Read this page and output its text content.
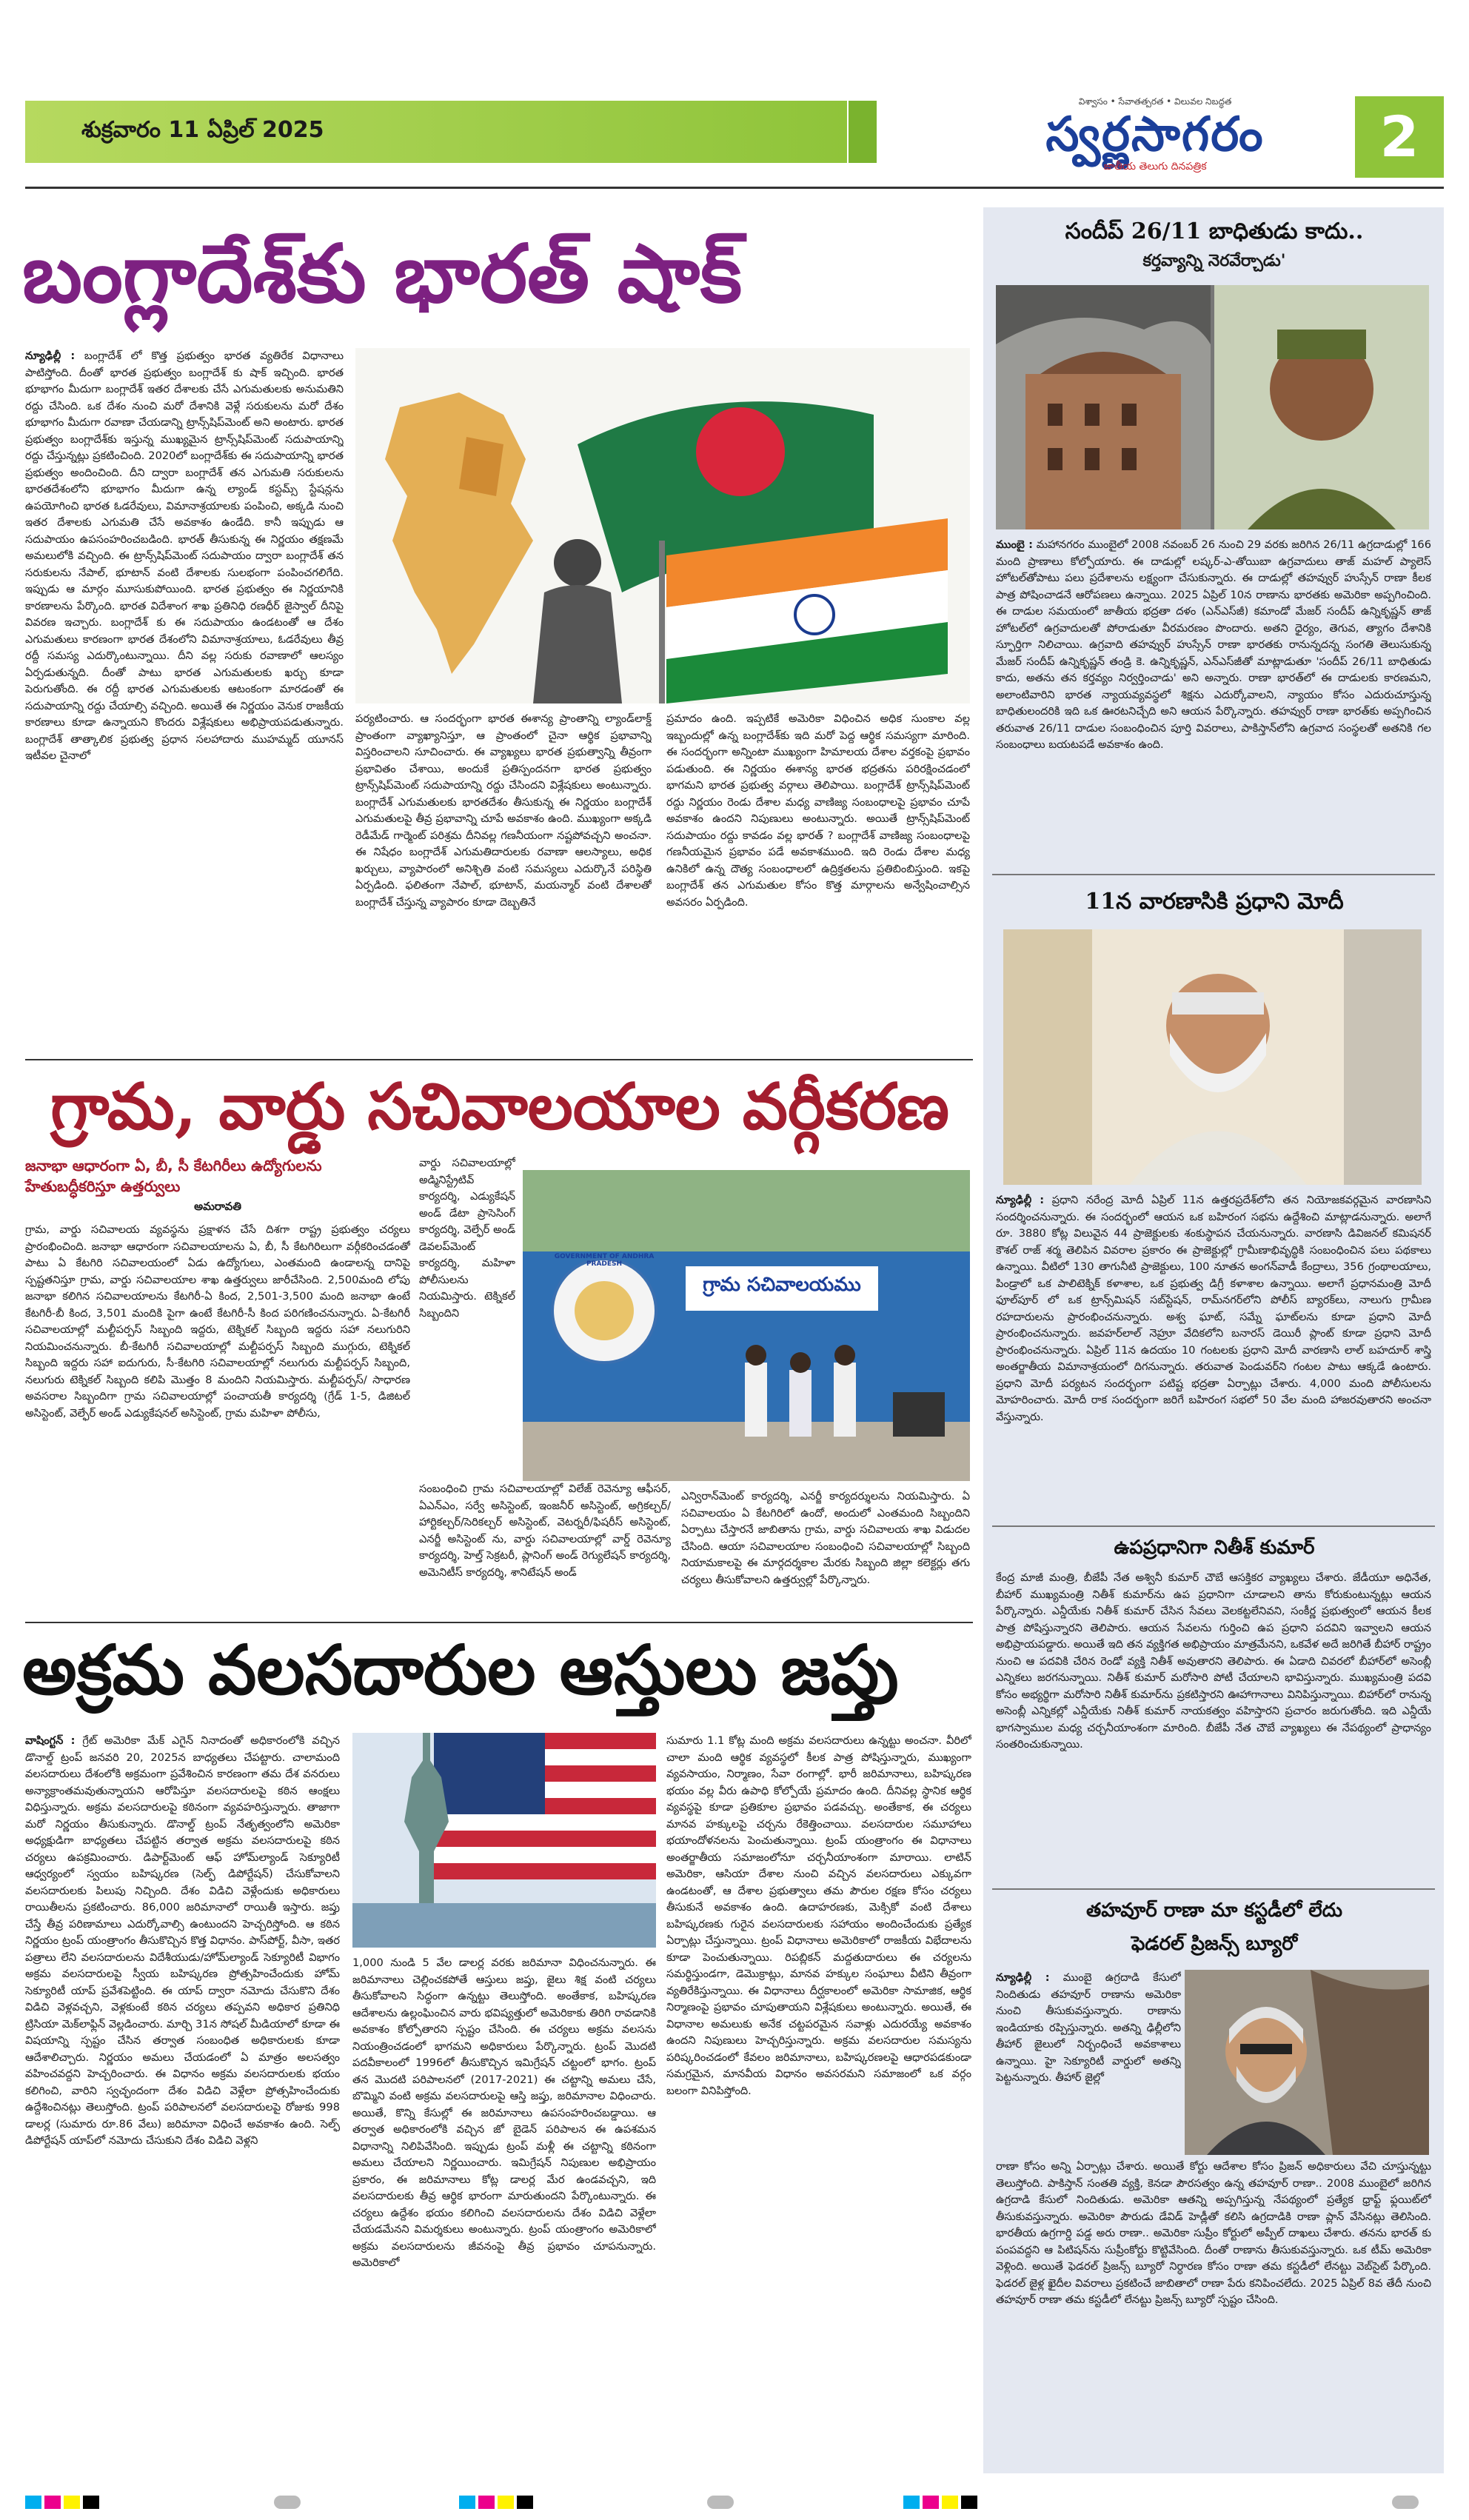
శుక్రవారం 11 ఏప్రిల్ 2025
విశ్వాసం • సేవాతత్పరత • విలువల నిబద్ధత
స్వర్ణసాగరం
జాతీయ తెలుగు దినపత్రిక	2
బంగ్లాదేశ్‌కు భారత్ షాక్
న్యూఢిల్లీ : బంగ్లాదేశ్ లో కొత్త ప్రభుత్వం భారత వ్యతిరేక విధానాలు పాటిస్తోంది. దీంతో భారత ప్రభుత్వం బంగ్లాదేశ్ కు షాక్ ఇచ్చింది. భారత భూభాగం మీదుగా బంగ్లాదేశ్ ఇతర దేశాలకు చేసే ఎగుమతులకు అనుమతిని రద్దు చేసింది. ఒక దేశం నుంచి మరో దేశానికి వెళ్లే సరుకులను మరో దేశం భూభాగం మీదుగా రవాణా చేయడాన్ని ట్రాన్స్‌షిప్‌మెంట్ అని అంటారు. భారత ప్రభుత్వం బంగ్లాదేశ్‌కు ఇస్తున్న ముఖ్యమైన ట్రాన్స్‌షిప్‌మెంట్ సదుపాయాన్ని రద్దు చేస్తున్నట్లు ప్రకటించింది. 2020లో బంగ్లాదేశ్‌కు ఈ సదుపాయాన్ని భారత ప్రభుత్వం అందించింది. దీని ద్వారా బంగ్లాదేశ్ తన ఎగుమతి సరుకులను భారతదేశంలోని భూభాగం మీదుగా ఉన్న ల్యాండ్ కస్టమ్స్ స్టేషన్లను ఉపయోగించి భారత ఓడరేవులు, విమానాశ్రయాలకు పంపించి, అక్కడి నుంచి ఇతర దేశాలకు ఎగుమతి చేసే అవకాశం ఉండేది. కానీ ఇప్పుడు ఆ సదుపాయం ఉపసంహరించబడింది. భారత్ తీసుకున్న ఈ నిర్ణయం తక్షణమే అమలులోకి వచ్చింది. ఈ ట్రాన్స్‌షిప్‌మెంట్ సదుపాయం ద్వారా బంగ్లాదేశ్ తన సరుకులను నేపాల్, భూటాన్ వంటి దేశాలకు సులభంగా పంపించగలిగేది. ఇప్పుడు ఆ మార్గం మూసుకుపోయింది. భారత ప్రభుత్వం ఈ నిర్ణయానికి కారణాలను పేర్కొంది. భారత విదేశాంగ శాఖ ప్రతినిధి రణధీర్ జైస్వాల్ దీనిపై వివరణ ఇచ్చారు. బంగ్లాదేశ్ కు ఈ సదుపాయం ఉండటంతో ఆ దేశం ఎగుమతులు కారణంగా భారత దేశంలోని విమానాశ్రయాలు, ఓడరేవులు తీవ్ర రద్దీ సమస్య ఎదుర్కొంటున్నాయి. దీని వల్ల సరుకు రవాణాలో ఆలస్యం ఏర్పడుతున్నది. దీంతో పాటు భారత ఎగుమతులకు ఖర్చు కూడా పెరుగుతోంది. ఈ రద్దీ భారత ఎగుమతులకు ఆటంకంగా మారడంతో ఈ సదుపాయాన్ని రద్దు చేయాల్సి వచ్చింది. అయితే ఈ నిర్ణయం వెనుక రాజకీయ కారణాలు కూడా ఉన్నాయని కొందరు విశ్లేషకులు అభిప్రాయపడుతున్నారు. బంగ్లాదేశ్ తాత్కాలిక ప్రభుత్వ ప్రధాన సలహాదారు ముహమ్మద్ యూనస్ ఇటీవల చైనాలో
పర్యటించారు. ఆ సందర్భంగా భారత ఈశాన్య ప్రాంతాన్ని ల్యాండ్‌లాక్డ్ ప్రాంతంగా వ్యాఖ్యానిస్తూ, ఆ ప్రాంతంలో చైనా ఆర్థిక ప్రభావాన్ని విస్తరించాలని సూచించారు. ఈ వ్యాఖ్యలు భారత ప్రభుత్వాన్ని తీవ్రంగా ప్రభావితం చేశాయి, అందుకే ప్రతిస్పందనగా భారత ప్రభుత్వం ట్రాన్స్‌షిప్‌మెంట్ సదుపాయాన్ని రద్దు చేసిందని విశ్లేషకులు అంటున్నారు. బంగ్లాదేశ్ ఎగుమతులకు భారతదేశం తీసుకున్న ఈ నిర్ణయం బంగ్లాదేశ్ ఎగుమతులపై తీవ్ర ప్రభావాన్ని చూపే అవకాశం ఉంది. ముఖ్యంగా అక్కడి రెడీమేడ్ గార్మెంట్ పరిశ్రమ దీనివల్ల గణనీయంగా నష్టపోవచ్చని అంచనా. ఈ నిషేధం బంగ్లాదేశ్ ఎగుమతిదారులకు రవాణా ఆలస్యాలు, అధిక ఖర్చులు, వ్యాపారంలో అనిశ్చితి వంటి సమస్యలు ఎదుర్కొనే పరిస్థితి ఏర్పడింది. ఫలితంగా నేపాల్, భూటాన్, మయన్మార్ వంటి దేశాలతో బంగ్లాదేశ్ చేస్తున్న వ్యాపారం కూడా దెబ్బతినే
ప్రమాదం ఉంది. ఇప్పటికే అమెరికా విధించిన అధిక సుంకాల వల్ల ఇబ్బందుల్లో ఉన్న బంగ్లాదేశ్‌కు ఇది మరో పెద్ద ఆర్థిక సమస్యగా మారింది. ఈ సందర్భంగా అన్నింటా ముఖ్యంగా హిమాలయ దేశాల వర్తకంపై ప్రభావం పడుతుంది. ఈ నిర్ణయం ఈశాన్య భారత భద్రతను పరిరక్షించడంలో భాగమని భారత ప్రభుత్వ వర్గాలు తెలిపాయి. బంగ్లాదేశ్ ట్రాన్స్‌షిప్‌మెంట్ రద్దు నిర్ణయం రెండు దేశాల మధ్య వాణిజ్య సంబంధాలపై ప్రభావం చూపే అవకాశం ఉందని నిపుణులు అంటున్నారు. అయితే ట్రాన్స్‌షిప్‌మెంట్ సదుపాయం రద్దు కావడం వల్ల భారత్ ? బంగ్లాదేశ్ వాణిజ్య సంబంధాలపై గణనీయమైన ప్రభావం పడే అవకాశముంది. ఇది రెండు దేశాల మధ్య ఉనికిలో ఉన్న దౌత్య సంబంధాలలో ఉద్రిక్తతలను ప్రతిబింబిస్తుంది. ఇకపై బంగ్లాదేశ్ తన ఎగుమతుల కోసం కొత్త మార్గాలను అన్వేషించాల్సిన అవసరం ఏర్పడింది.
గ్రామ, వార్డు సచివాలయాల వర్గీకరణ
జనాభా ఆధారంగా ఏ, బీ, సీ కేటగిరీలు ఉద్యోగులను హేతుబద్ధీకరిస్తూ ఉత్తర్వులు
అమరావతి
గ్రామ, వార్డు సచివాలయ వ్యవస్థను ప్రక్షాళన చేసే దిశగా రాష్ట్ర ప్రభుత్వం చర్యలు ప్రారంభించింది. జనాభా ఆధారంగా సచివాలయాలను ఏ, బీ, సీ కేటగిరిలుగా వర్గీకరించడంతో పాటు ఏ కేటగిరి సచివాలయంలో ఏడు ఉద్యోగులు, ఎంతమంది ఉండాలన్న దానిపై స్పష్టతనిస్తూ గ్రామ, వార్డు సచివాలయాల శాఖ ఉత్తర్వులు జారీచేసింది. 2,500మంది లోపు జనాభా కలిగిన సచివాలయాలను కేటగిరీ-ఏ కింద, 2,501-3,500 మంది జనాభా ఉంటే కేటగిరీ-బీ కింద, 3,501 మందికి పైగా ఉంటే కేటగిరీ-సీ కింద పరిగణించనున్నారు. ఏ-కేటగిరీ సచివాలయాల్లో మల్టీపర్పస్ సిబ్బంది ఇద్దరు, టెక్నికల్ సిబ్బంది ఇద్దరు సహా నలుగురిని నియమించనున్నారు. బీ-కేటగిరీ సచివాలయాల్లో మల్టీపర్పస్ సిబ్బంది ముగ్గురు, టెక్నికల్ సిబ్బంది ఇద్దరు సహా ఐదుగురు, సీ-కేటగిరి సచివాలయాల్లో నలుగురు మల్టీపర్పస్ సిబ్బంది, నలుగురు టెక్నికల్ సిబ్బంది కలిపి మొత్తం 8 మందిని నియమిస్తారు. మల్టీపర్పస్/ సాధారణ అవసరాల సిబ్బందిగా గ్రామ సచివాలయాల్లో పంచాయతీ కార్యదర్శి (గ్రేడ్ 1-5, డిజిటల్ అసిస్టెంట్, వెల్ఫేర్ అండ్ ఎడ్యుకేషనల్ అసిస్టెంట్, గ్రామ మహిళా పోలీసు,
వార్డు సచివాలయాల్లో అడ్మినిస్ట్రేటివ్ కార్యదర్శి, ఎడ్యుకేషన్ అండ్ డేటా ప్రాసెసింగ్ కార్యదర్శి, వెల్ఫేర్ అండ్ డెవలప్‌మెంట్ కార్యదర్శి, మహిళా పోలీసులను నియమిస్తారు. టెక్నికల్ సిబ్బందిని
గ్రామ సచివాలయము
GOVERNMENT OF ANDHRA PRADESH
సంబంధించి గ్రామ సచివాలయాల్లో విలేజ్ రెవెన్యూ ఆఫీసర్, ఏఎన్ఎం, సర్వే అసిస్టెంట్, ఇంజనీర్ అసిస్టెంట్, అగ్రికల్చర్/హార్టికల్చర్/సెరికల్చర్ అసిస్టెంట్, వెటర్నరీ/ఫిషరీస్ అసిస్టెంట్, ఎనర్జీ అసిస్టెంట్ ను, వార్డు సచివాలయాల్లో వార్డ్ రెవెన్యూ కార్యదర్శి, హెల్త్ సెక్రటరీ, ప్లానింగ్ అండ్ రెగ్యులేషన్ కార్యదర్శి, అమెనిటీస్ కార్యదర్శి, శానిటేషన్ అండ్
ఎన్విరాన్‌మెంట్ కార్యదర్శి, ఎనర్జీ కార్యదర్శులను నియమిస్తారు. ఏ సచివాలయం ఏ కేటగిరిలో ఉందో, అందులో ఎంతమంది సిబ్బందిని ఏర్పాటు చేస్తారనే జాబితాను గ్రామ, వార్డు సచివాలయ శాఖ విడుదల చేసింది. ఆయా సచివాలయాల సంబంధించి సచివాలయాల్లో సిబ్బంది నియామకాలపై ఈ మార్గదర్శకాల మేరకు సిబ్బంది జిల్లా కలెక్టర్లు తగు చర్యలు తీసుకోవాలని ఉత్తర్వుల్లో పేర్కొన్నారు.
అక్రమ వలసదారుల ఆస్తులు జప్తు
వాషింగ్టన్ : గ్రేట్ అమెరికా మేక్ ఎగైన్ నినాదంతో అధికారంలోకి వచ్చిన డొనాల్డ్ ట్రంప్ జనవరి 20, 2025న బాధ్యతలు చేపట్టారు. చాలామంది వలసదారులు దేశంలోకి అక్రమంగా ప్రవేశించిన కారణంగా తమ దేశ వనరులు అన్యాక్రాంతమవుతున్నాయని ఆరోపిస్తూ వలసదారులపై కఠిన ఆంక్షలు విధిస్తున్నారు. అక్రమ వలసదారులపై కఠినంగా వ్యవహరిస్తున్నారు. తాజాగా మరో నిర్ణయం తీసుకున్నారు. డొనాల్డ్ ట్రంప్ నేతృత్వంలోని అమెరికా అధ్యక్షుడిగా బాధ్యతలు చేపట్టిన తర్వాత అక్రమ వలసదారులపై కఠిన చర్యలు ఉపక్రమించారు. డిపార్ట్‌మెంట్ ఆఫ్ హోమ్‌ల్యాండ్ సెక్యూరిటీ ఆధ్వర్యంలో స్వయం బహిష్కరణ (సెల్ఫ్ డిపోర్టేషన్) చేసుకోవాలని వలసదారులకు పిలుపు నిచ్చింది. దేశం విడిచి వెళ్లేందుకు అధికారులు రాయితీలను ప్రకటించారు. 86,000 జరిమానాలో రాయితీ ఇస్తారు. జప్తు చేస్తే తీవ్ర పరిణామాలు ఎదుర్కోవాల్సి ఉంటుందని హెచ్చరిస్తోంది. ఆ కఠిన నిర్ణయం ట్రంప్ యంత్రాంగం తీసుకొచ్చిన కొత్త విధానం. పాస్‌పోర్ట్, వీసా, ఇతర పత్రాలు లేని వలసదారులను విదేశీయుడు/హోమ్‌ల్యాండ్ సెక్యూరిటీ విభాగం అక్రమ వలసదారులపై స్వీయ బహిష్కరణ ప్రోత్సహించేందుకు హోమ్ సెక్యూరిటీ యాప్ ప్రవేశపెట్టింది. ఈ యాప్ ద్వారా నమోదు చేసుకొని దేశం విడిచి వెళ్లవచ్చని, వెళ్లకుంటే కఠిన చర్యలు తప్పవని అధికార ప్రతినిధి ట్రిసియా మెక్‌లాఫ్లిన్ వెల్లడించారు. మార్చి 31న సోషల్ మీడియాలో కూడా ఈ విషయాన్ని స్పష్టం చేసిన తర్వాత సంబంధిత అధికారులకు కూడా ఆదేశాలిచ్చారు. నిర్ణయం అమలు చేయడంలో ఏ మాత్రం అలసత్వం వహించవద్దని హెచ్చరించారు. ఈ విధానం అక్రమ వలసదారులకు భయం కలిగించి, వారిని స్వచ్ఛందంగా దేశం విడిచి వెళ్లేలా ప్రోత్సహించేందుకు ఉద్దేశించినట్లు తెలుస్తోంది. ట్రంప్ పరిపాలనలో వలసదారులపై రోజుకు 998 డాలర్ల (సుమారు రూ.86 వేలు) జరిమానా విధించే అవకాశం ఉంది. సెల్ఫ్ డిపోర్టేషన్ యాప్‌లో నమోదు చేసుకుని దేశం విడిచి వెళ్లని
1,000 నుండి 5 వేల డాలర్ల వరకు జరిమానా విధించనున్నారు. ఈ జరిమానాలు చెల్లించకపోతే ఆస్తులు జప్తు, జైలు శిక్ష వంటి చర్యలు తీసుకోవాలని సిద్ధంగా ఉన్నట్టు తెలుస్తోంది. అంతేకాక, బహిష్కరణ ఆదేశాలను ఉల్లంఘించిన వారు భవిష్యత్తులో అమెరికాకు తిరిగి రావడానికి అవకాశం కోల్పోతారని స్పష్టం చేసింది. ఈ చర్యలు అక్రమ వలసను నియంత్రించడంలో భాగమని అధికారులు పేర్కొన్నారు. ట్రంప్ మొదటి పదవీకాలంలో 1996లో తీసుకొచ్చిన ఇమిగ్రేషన్ చట్టంలో భాగం. ట్రంప్ తన మొదటి పరిపాలనలో (2017-2021) ఈ చట్టాన్ని అమలు చేసే, బొమ్మిని వంటి అక్రమ వలసదారులపై ఆస్తి జప్తు, జరిమానాల విధించారు. అయితే, కొన్ని కేసుల్లో ఈ జరిమానాలు ఉపసంహరించబడ్డాయి. ఆ తర్వాత అధికారంలోకి వచ్చిన జో బైడెన్ పరిపాలన ఈ ఉపశమన విధానాన్ని నిలిపివేసింది. ఇప్పుడు ట్రంప్ మళ్లీ ఈ చట్టాన్ని కఠినంగా అమలు చేయాలని నిర్ణయించారు. ఇమిగ్రేషన్ నిపుణుల అభిప్రాయం ప్రకారం, ఈ జరిమానాలు కోట్ల డాలర్ల మేర ఉండవచ్చని, ఇది వలసదారులకు తీవ్ర ఆర్థిక భారంగా మారుతుందని పేర్కొంటున్నారు. ఈ చర్యలు ఉద్దేశం భయం కలిగించి వలసదారులను దేశం విడిచి వెళ్లేలా చేయడమేనని విమర్శకులు అంటున్నారు. ట్రంప్ యంత్రాంగం అమెరికాలో అక్రమ వలసదారులను జీవనంపై తీవ్ర ప్రభావం చూపనున్నారు. అమెరికాలో
సుమారు 1.1 కోట్ల మంది అక్రమ వలసదారులు ఉన్నట్టు అంచనా. వీరిలో చాలా మంది ఆర్థిక వ్యవస్థలో కీలక పాత్ర పోషిస్తున్నారు, ముఖ్యంగా వ్యవసాయం, నిర్మాణం, సేవా రంగాల్లో. భారీ జరిమానాలు, బహిష్కరణ భయం వల్ల వీరు ఉపాధి కోల్పోయే ప్రమాదం ఉంది. దీనివల్ల స్థానిక ఆర్థిక వ్యవస్థపై కూడా ప్రతికూల ప్రభావం పడవచ్చు. అంతేకాక, ఈ చర్యలు మానవ హక్కులపై చర్చను రేకెత్తించాయి. వలసదారుల సమూహాలు భయాందోళనలను పెంచుతున్నాయి. ట్రంప్ యంత్రాంగం ఈ విధానాలు అంతర్జాతీయ సమాజంలోనూ చర్చనీయాంశంగా మారాయి. లాటిన్ అమెరికా, ఆసియా దేశాల నుంచి వచ్చిన వలసదారులు ఎక్కువగా ఉండటంతో, ఆ దేశాల ప్రభుత్వాలు తమ పౌరుల రక్షణ కోసం చర్యలు తీసుకునే అవకాశం ఉంది. ఉదాహరణకు, మెక్సికో వంటి దేశాలు బహిష్కరణకు గురైన వలసదారులకు సహాయం అందించేందుకు ప్రత్యేక ఏర్పాట్లు చేస్తున్నాయి. ట్రంప్ విధానాలు అమెరికాలో రాజకీయ విభేదాలను కూడా పెంచుతున్నాయి. రిపబ్లికన్ మద్దతుదారులు ఈ చర్యలను సమర్థిస్తుండగా, డెమొక్రాట్లు, మానవ హక్కుల సంఘాలు వీటిని తీవ్రంగా వ్యతిరేకిస్తున్నాయి. ఈ విధానాలు దీర్ఘకాలంలో అమెరికా సామాజిక, ఆర్థిక నిర్మాణంపై ప్రభావం చూపుతాయని విశ్లేషకులు అంటున్నారు. అయితే, ఈ విధానాల అమలుకు అనేక చట్టపరమైన సవాళ్లు ఎదురయ్యే అవకాశం ఉందని నిపుణులు హెచ్చరిస్తున్నారు. అక్రమ వలసదారుల సమస్యను పరిష్కరించడంలో కేవలం జరిమానాలు, బహిష్కరణలపై ఆధారపడకుండా సమగ్రమైన, మానవీయ విధానం అవసరమని సమాజంలో ఒక వర్గం బలంగా వినిపిస్తోంది.
సందీప్ 26/11 బాధితుడు కాదు..
కర్తవ్యాన్ని నెరవేర్చాడు'
ముంబై : మహానగరం ముంబైలో 2008 నవంబర్ 26 నుంచి 29 వరకు జరిగిన 26/11 ఉగ్రదాడుల్లో 166 మంది ప్రాణాలు కోల్పోయారు. ఈ దాడుల్లో లష్కర్-ఎ-తోయిబా ఉగ్రవాదులు తాజ్ మహల్ ప్యాలెస్ హోటల్‌తోపాటు పలు ప్రదేశాలను లక్ష్యంగా చేసుకున్నారు. ఈ దాడుల్లో తహవ్వుర్ హుస్సేన్ రాణా కీలక పాత్ర పోషించాడనే ఆరోపణలు ఉన్నాయి. 2025 ఏప్రిల్ 10న రాణాను భారతకు అమెరికా అప్పగించింది. ఈ దాడుల సమయంలో జాతీయ భద్రతా దళం (ఎన్ఎస్‌జీ) కమాండో మేజర్ సందీప్ ఉన్నికృష్ణన్ తాజ్ హోటల్‌లో ఉగ్రవాదులతో పోరాడుతూ వీరమరణం పొందారు. అతని ధైర్యం, తెగువ, త్యాగం దేశానికి స్ఫూర్తిగా నిలిచాయి. ఉగ్రవాది తహవ్వుర్ హుస్సేన్ రాణా భారతకు రానున్నదన్న సంగతి తెలుసుకున్న మేజర్ సందీప్ ఉన్నికృష్ణన్ తండ్రి కె. ఉన్నికృష్ణన్, ఎన్ఎస్‌జీతో మాట్లాడుతూ 'సందీప్ 26/11 బాధితుడు కాదు, అతను తన కర్తవ్యం నిర్వర్తించాడు' అని అన్నారు. రాణా భారత్‌లో ఈ దాడులకు కారణమని, అలాంటివారిని భారత న్యాయవ్యవస్థలో శిక్షను ఎదుర్కోవాలని, న్యాయం కోసం ఎదురుచూస్తున్న బాధితులందరికి ఇది ఒక ఊరటనిచ్చేది అని ఆయన పేర్కొన్నారు. తహవ్వుర్ రాణా భారత్‌కు అప్పగించిన తరువాత 26/11 దాడుల సంబంధించిన పూర్తి వివరాలు, పాకిస్తాన్‌లోని ఉగ్రవాద సంస్థలతో అతనికి గల సంబంధాలు బయటపడే అవకాశం ఉంది.
11న వారణాసికి ప్రధాని మోదీ
న్యూఢిల్లీ : ప్రధాని నరేంద్ర మోదీ ఏప్రిల్ 11న ఉత్తరప్రదేశ్‌లోని తన నియోజకవర్గమైన వారణాసిని సందర్శించనున్నారు. ఈ సందర్భంలో ఆయన ఒక బహిరంగ సభను ఉద్దేశించి మాట్లాడనున్నారు. అలాగే రూ. 3880 కోట్ల విలువైన 44 ప్రాజెక్టులకు శంకుస్థాపన చేయనున్నారు. వారణాసి డివిజనల్ కమిషనర్ కౌశల్ రాజ్ శర్మ తెలిపిన వివరాల ప్రకారం ఈ ప్రాజెక్టుల్లో గ్రామీణాభివృద్ధికి సంబంధించిన పలు పథకాలు ఉన్నాయి. వీటిలో 130 తాగునీటి ప్రాజెక్టులు, 100 నూతన అంగన్‌వాడీ కేంద్రాలు, 356 గ్రంథాలయాలు, పిండ్రాలో ఒక పాలిటెక్నిక్ కళాశాల, ఒక ప్రభుత్వ డిగ్రీ కళాశాల ఉన్నాయి. అలాగే ప్రధానమంత్రి మోదీ ఫూల్‌పూర్ లో ఒక ట్రాన్స్‌మిషన్ సబ్‌స్టేషన్, రామ్‌నగర్‌లోని పోలీస్ బ్యారక్‌లు, నాలుగు గ్రామీణ రహదారులను ప్రారంభించనున్నారు. అశ్వ ఘాట్, సమ్నే ఘాట్‌లను కూడా ప్రధాని మోదీ ప్రారంభించనున్నారు. జవహర్‌లాల్ నెహ్రూ వేదికలోని బనారస్ డెయిరీ ప్లాంట్ కూడా ప్రధాని మోదీ ప్రారంభించనున్నారు. ఏప్రిల్ 11న ఉదయం 10 గంటలకు ప్రధాని మోదీ వారణాసి లాల్ బహదూర్ శాస్త్రి అంతర్జాతీయ విమానాశ్రయంలో దిగనున్నారు. తరువాత పెండువర్‌ని గంటల పాటు ఆక్కడే ఉంటారు. ప్రధాని మోదీ పర్యటన సందర్భంగా పటిష్ట భద్రతా ఏర్పాట్లు చేశారు. 4,000 మంది పోలీసులను మోహరించారు. మోదీ రాక సందర్భంగా జరిగే బహిరంగ సభలో 50 వేల మంది హాజరవుతారని అంచనా వేస్తున్నారు.
ఉపప్రధానిగా నితీశ్ కుమార్
కేంద్ర మాజీ మంత్రి, బీజేపీ నేత అశ్వినీ కుమార్ చౌబే ఆసక్తికర వ్యాఖ్యలు చేశారు. జేడీయూ అధినేత, బీహార్ ముఖ్యమంత్రి నితీశ్ కుమార్‌ను ఉప ప్రధానిగా చూడాలని తాను కోరుకుంటున్నట్లు ఆయన పేర్కొన్నారు. ఎన్డీయేకు నితీశ్ కుమార్ చేసిన సేవలు వెలకట్టలేనివని, సంకీర్ణ ప్రభుత్వంలో ఆయన కీలక పాత్ర పోషిస్తున్నారని తెలిపారు. ఆయన సేవలను గుర్తించి ఉప ప్రధాని పదవిని ఇవ్వాలని ఆయన అభిప్రాయపడ్డారు. అయితే ఇది తన వ్యక్తిగత అభిప్రాయం మాత్రమేనని, ఒకవేళ అదే జరిగితే బీహార్ రాష్ట్రం నుంచి ఆ పదవికి చేరిన రెండో వ్యక్తి నితీశ్ అవుతారని తెలిపారు. ఈ ఏడాది చివరలో బీహార్‌లో అసెంబ్లీ ఎన్నికలు జరగనున్నాయి. నితీశ్ కుమార్ మరోసారి పోటీ చేయాలని భావిస్తున్నారు. ముఖ్యమంత్రి పదవి కోసం అభ్యర్థిగా మరోసారి నితీశ్ కుమార్‌ను ప్రకటిస్తారని ఊహాగానాలు వినిపిస్తున్నాయి. బిహార్‌లో రానున్న అసెంబ్లీ ఎన్నికల్లో ఎన్డీయేకు నితీశ్ కుమార్ నాయకత్వం వహిస్తారని ప్రచారం జరుగుతోంది. ఇది ఎన్డీయే భాగస్వాముల మధ్య చర్చనీయాంశంగా మారింది. బీజేపీ నేత చౌబే వ్యాఖ్యలు ఈ నేపథ్యంలో ప్రాధాన్యం సంతరించుకున్నాయి.
తహవూర్ రాణా మా కస్టడీలో లేదు
ఫెడరల్ ప్రిజన్స్ బ్యూరో
న్యూఢిల్లీ : ముంబై ఉగ్రదాడి కేసులో నిందితుడు తహవూర్ రాణాను అమెరికా నుంచి తీసుకువస్తున్నారు. రాణాను ఇండియాకు రప్పిస్తున్నారు. అతన్ని ఢిల్లీలోని తీహార్ జైలులో నిర్బంధించే అవకాశాలు ఉన్నాయి. హై సెక్యూరిటీ వార్డులో అతన్ని పెట్టనున్నారు. తీహార్ జైల్లో
రాణా కోసం అన్ని ఏర్పాట్లు చేశారు. అయితే కోర్టు ఆదేశాల కోసం ప్రిజన్ అధికారులు వేచి చూస్తున్నట్టు తెలుస్తోంది. పాకిస్తాన్ సంతతి వ్యక్తి, కెనడా పౌరసత్వం ఉన్న తహవూర్ రాణా.. 2008 ముంబైలో జరిగిన ఉగ్రదాడి కేసులో నిందితుడు. అమెరికా ఆతన్ని అప్పగిస్తున్న నేపథ్యంలో ప్రత్యేక ధ్రాఫ్ట్ ఫ్లయిట్‌లో తీసుకువస్తున్నారు. అమెరికా పౌరుడు డేవిడ్ హెడ్లీతో కలిసి ఉగ్రదాడికి రాణా ప్లాన్ వేసినట్లు తెలిసింది. భారతీయ ఉగ్రగార్డి పడ్డ అరు రాణా.. అమెరికా సుప్రీం కోర్టులో అప్పీల్ దాఖలు చేశారు. తనను భారత్ కు పంపవద్దని ఆ పిటిషన్‌ను సుప్రీంకోర్టు కొట్టివేసింది. దీంతో రాణాను తీసుకువస్తున్నారు. ఒక టీమ్ అమెరికా వెళ్లింది. అయితే ఫెడరల్ ప్రిజన్స్ బ్యూరో నిర్ధారణ కోసం రాణా తమ కస్టడీలో లేనట్టు వెబ్‌సైట్ పేర్కొంది. ఫెడరల్ జైళ్ల ఖైదీల వివరాలు ప్రకటించే జాబితాలో రాణా పేరు కనిపించలేదు. 2025 ఏప్రిల్ 8వ తేదీ నుంచి తహవూర్ రాణా తమ కస్టడీలో లేనట్టు ప్రిజన్స్ బ్యూరో స్పష్టం చేసింది.
